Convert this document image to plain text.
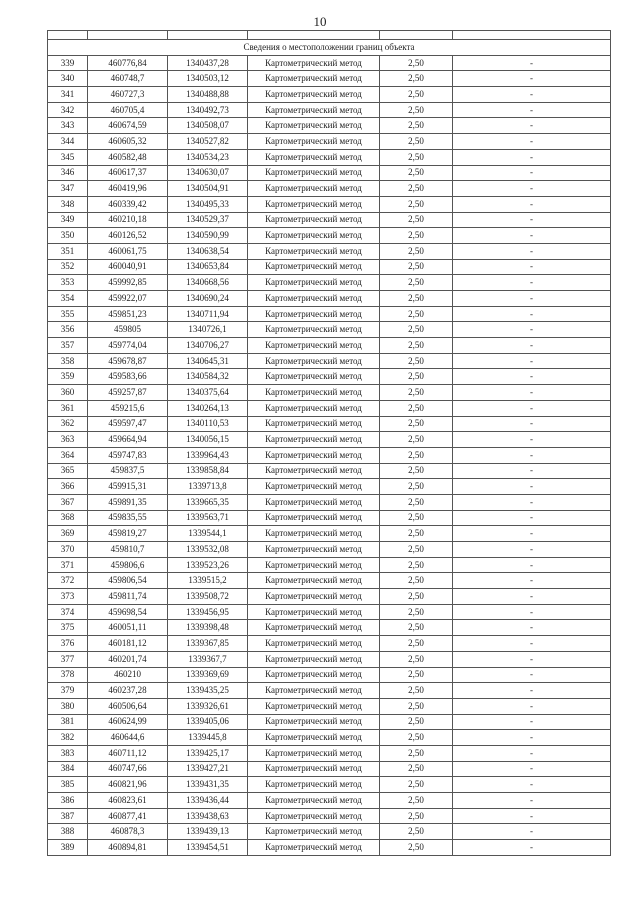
10

Сведения о местоположении границ объекта					
339	460776,84	1340437,28	Картометрический метод	2,50	-
340	460748,7	1340503,12	Картометрический метод	2,50	-
341	460727,3	1340488,88	Картометрический метод	2,50	-
342	460705,4	1340492,73	Картометрический метод	2,50	-
343	460674,59	1340508,07	Картометрический метод	2,50	-
344	460605,32	1340527,82	Картометрический метод	2,50	-
345	460582,48	1340534,23	Картометрический метод	2,50	-
346	460617,37	1340630,07	Картометрический метод	2,50	-
347	460419,96	1340504,91	Картометрический метод	2,50	-
348	460339,42	1340495,33	Картометрический метод	2,50	-
349	460210,18	1340529,37	Картометрический метод	2,50	-
350	460126,52	1340590,99	Картометрический метод	2,50	-
351	460061,75	1340638,54	Картометрический метод	2,50	-
352	460040,91	1340653,84	Картометрический метод	2,50	-
353	459992,85	1340668,56	Картометрический метод	2,50	-
354	459922,07	1340690,24	Картометрический метод	2,50	-
355	459851,23	1340711,94	Картометрический метод	2,50	-
356	459805	1340726,1	Картометрический метод	2,50	-
357	459774,04	1340706,27	Картометрический метод	2,50	-
358	459678,87	1340645,31	Картометрический метод	2,50	-
359	459583,66	1340584,32	Картометрический метод	2,50	-
360	459257,87	1340375,64	Картометрический метод	2,50	-
361	459215,6	1340264,13	Картометрический метод	2,50	-
362	459597,47	1340110,53	Картометрический метод	2,50	-
363	459664,94	1340056,15	Картометрический метод	2,50	-
364	459747,83	1339964,43	Картометрический метод	2,50	-
365	459837,5	1339858,84	Картометрический метод	2,50	-
366	459915,31	1339713,8	Картометрический метод	2,50	-
367	459891,35	1339665,35	Картометрический метод	2,50	-
368	459835,55	1339563,71	Картометрический метод	2,50	-
369	459819,27	1339544,1	Картометрический метод	2,50	-
370	459810,7	1339532,08	Картометрический метод	2,50	-
371	459806,6	1339523,26	Картометрический метод	2,50	-
372	459806,54	1339515,2	Картометрический метод	2,50	-
373	459811,74	1339508,72	Картометрический метод	2,50	-
374	459698,54	1339456,95	Картометрический метод	2,50	-
375	460051,11	1339398,48	Картометрический метод	2,50	-
376	460181,12	1339367,85	Картометрический метод	2,50	-
377	460201,74	1339367,7	Картометрический метод	2,50	-
378	460210	1339369,69	Картометрический метод	2,50	-
379	460237,28	1339435,25	Картометрический метод	2,50	-
380	460506,64	1339326,61	Картометрический метод	2,50	-
381	460624,99	1339405,06	Картометрический метод	2,50	-
382	460644,6	1339445,8	Картометрический метод	2,50	-
383	460711,12	1339425,17	Картометрический метод	2,50	-
384	460747,66	1339427,21	Картометрический метод	2,50	-
385	460821,96	1339431,35	Картометрический метод	2,50	-
386	460823,61	1339436,44	Картометрический метод	2,50	-
387	460877,41	1339438,63	Картометрический метод	2,50	-
388	460878,3	1339439,13	Картометрический метод	2,50	-
389	460894,81	1339454,51	Картометрический метод	2,50	-
